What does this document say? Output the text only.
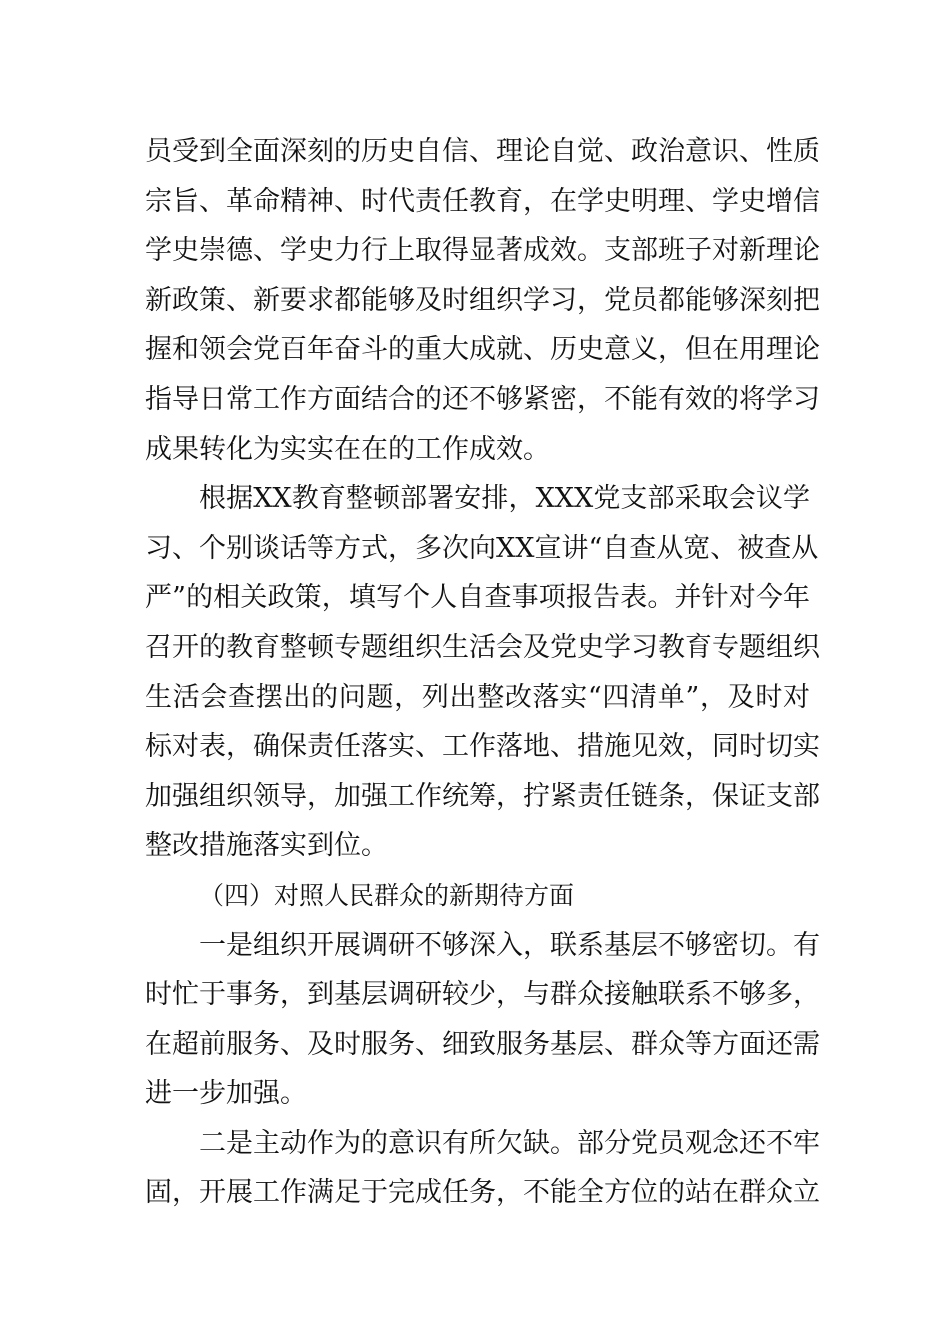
员受到全面深刻的历史自信、理论自觉、政治意识、性质
宗旨、革命精神、时代责任教育，在学史明理、学史增信
学史崇德、学史力行上取得显著成效。支部班子对新理论
新政策、新要求都能够及时组织学习，党员都能够深刻把
握和领会党百年奋斗的重大成就、历史意义，但在用理论
指导日常工作方面结合的还不够紧密，不能有效的将学习
成果转化为实实在在的工作成效。
根据XX教育整顿部署安排，XXX党支部采取会议学
习、个别谈话等方式，多次向XX宣讲“自查从宽、被查从
严”的相关政策，填写个人自查事项报告表。并针对今年
召开的教育整顿专题组织生活会及党史学习教育专题组织
生活会查摆出的问题，列出整改落实“四清单”，及时对
标对表，确保责任落实、工作落地、措施见效，同时切实
加强组织领导，加强工作统筹，拧紧责任链条，保证支部
整改措施落实到位。
（四）对照人民群众的新期待方面
一是组织开展调研不够深入，联系基层不够密切。有
时忙于事务，到基层调研较少，与群众接触联系不够多，
在超前服务、及时服务、细致服务基层、群众等方面还需
进一步加强。
二是主动作为的意识有所欠缺。部分党员观念还不牢
固，开展工作满足于完成任务，不能全方位的站在群众立
